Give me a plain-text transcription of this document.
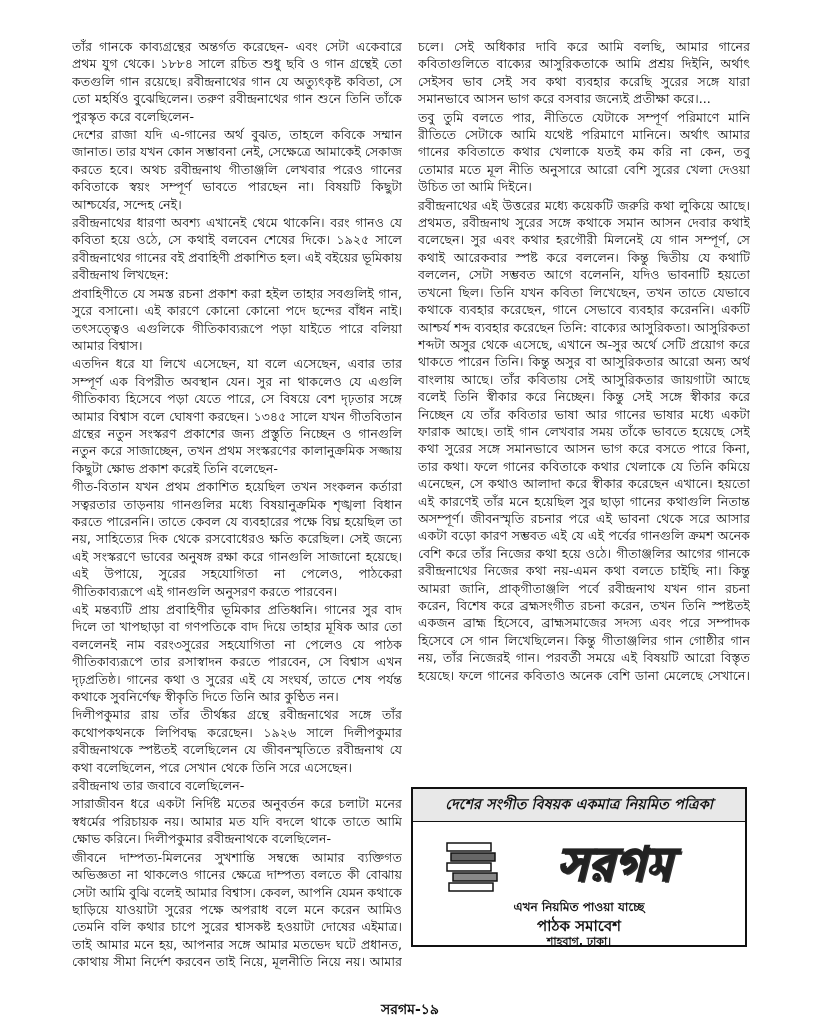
তাঁর গানকে কাব্যগ্রন্থের অন্তর্গত করেছেন- এবং সেটা একেবারে প্রথম যুগ থেকে। ১৮৮৪ সালে রচিত শুধু ছবি ও গান গ্রন্থেই তো কতগুলি গান রয়েছে। রবীন্দ্রনাথের গান যে অত্যুৎকৃষ্ট কবিতা, সে তো মহর্ষিও বুঝেছিলেন। তরুণ রবীন্দ্রনাথের গান শুনে তিনি তাঁকে পুরস্কৃত করে বলেছিলেন-

দেশের রাজা যদি এ-গানের অর্থ বুঝত, তাহলে কবিকে সম্মান জানাত। তার যখন কোন সম্ভাবনা নেই, সেক্ষেত্রে আমাকেই সেকাজ করতে হবে। অথচ রবীন্দ্রনাথ গীতাঞ্জলি লেখবার পরেও গানের কবিতাকে স্বয়ং সম্পূর্ণ ভাবতে পারছেন না। বিষয়টি কিছুটা আশ্চর্যের, সন্দেহ নেই।

রবীন্দ্রনাথের ধারণা অবশ্য এখানেই থেমে থাকেনি। বরং গানও যে কবিতা হয়ে ওঠে, সে কথাই বলবেন শেষের দিকে। ১৯২৫ সালে রবীন্দ্রনাথের গানের বই প্রবাহিণী প্রকাশিত হল। এই বইয়ের ভূমিকায় রবীন্দ্রনাথ লিখছেন:

প্রবাহিণীতে যে সমস্ত রচনা প্রকাশ করা হইল তাহার সবগুলিই গান, সুরে বসানো। এই কারণে কোনো কোনো পদে ছন্দের বাঁধন নাই। তৎসত্ত্বেও এগুলিকে গীতিকাব্যরূপে পড়া যাইতে পারে বলিয়া আমার বিশ্বাস।

এতদিন ধরে যা লিখে এসেছেন, যা বলে এসেছেন, এবার তার সম্পূর্ণ এক বিপরীত অবস্থান যেন। সুর না থাকলেও যে এগুলি গীতিকাব্য হিসেবে পড়া যেতে পারে, সে বিষয়ে বেশ দৃঢ়তার সঙ্গে আমার বিশ্বাস বলে ঘোষণা করছেন। ১৩৪৫ সালে যখন গীতবিতান গ্রন্থের নতুন সংস্করণ প্রকাশের জন্য প্রস্তুতি নিচ্ছেন ও গানগুলি নতুন করে সাজাচ্ছেন, তখন প্রথম সংস্করণের কালানুক্রমিক সজ্জায় কিছুটা ক্ষোভ প্রকাশ করেই তিনি বলেছেন-

গীত-বিতান যখন প্রথম প্রকাশিত হয়েছিল তখন সংকলন কর্তারা সত্বরতার তাড়নায় গানগুলির মধ্যে বিষয়ানুক্রমিক শৃঙ্খলা বিধান করতে পারেননি। তাতে কেবল যে ব্যবহারের পক্ষে বিঘ্ন হয়েছিল তা নয়, সাহিত্যের দিক থেকে রসবোধেরও ক্ষতি করেছিল। সেই জন্যে এই সংস্করণে ভাবের অনুষঙ্গ রক্ষা করে গানগুলি সাজানো হয়েছে। এই উপায়ে, সুরের সহযোগিতা না পেলেও, পাঠকেরা গীতিকাব্যরূপে এই গানগুলি অনুসরণ করতে পারবেন।

এই মন্তব্যটি প্রায় প্রবাহিণীর ভূমিকার প্রতিধ্বনি। গানের সুর বাদ দিলে তা খাপছাড়া বা গণপতিকে বাদ দিয়ে তাহার মূষিক আর তো বললেনই নাম বরং৩সুরের সহযোগিতা না পেলেও যে পাঠক গীতিকাব্যরূপে তার রসাস্বাদন করতে পারবেন, সে বিশ্বাস এখন দৃঢ়প্রতিষ্ঠ। গানের কথা ও সুরের এই যে সংঘর্ষ, তাতে শেষ পর্যন্ত কথাকে সুবনির্ণেষ্ফ স্বীকৃতি দিতে তিনি আর কুণ্ঠিত নন।

দিলীপকুমার রায় তাঁর তীর্থঙ্কর গ্রন্থে রবীন্দ্রনাথের সঙ্গে তাঁর কথোপকথনকে লিপিবদ্ধ করেছেন। ১৯২৬ সালে দিলীপকুমার রবীন্দ্রনাথকে স্পষ্টতই বলেছিলেন যে জীবনস্মৃতিতে রবীন্দ্রনাথ যে কথা বলেছিলেন, পরে সেখান থেকে তিনি সরে এসেছেন।

রবীন্দ্রনাথ তার জবাবে বলেছিলেন-

সারাজীবন ধরে একটা নির্দিষ্ট মতের অনুবর্তন করে চলাটা মনের স্বধর্মের পরিচায়ক নয়। আমার মত যদি বদলে থাকে তাতে আমি ক্ষোভ করিনে। দিলীপকুমার রবীন্দ্রনাথকে বলেছিলেন-

জীবনে দাম্পত্য-মিলনের সুখশান্তি সম্বন্ধে আমার ব্যক্তিগত অভিজ্ঞতা না থাকলেও গানের ক্ষেত্রে দাম্পত্য বলতে কী বোঝায় সেটা আমি বুঝি বলেই আমার বিশ্বাস। কেবল, আপনি যেমন কথাকে ছাড়িয়ে যাওয়াটা সুরের পক্ষে অপরাধ বলে মনে করেন আমিও তেমনি বলি কথার চাপে সুরের শ্বাসকষ্ট হওয়াটা দোষের এইমাত্র। তাই আমার মনে হয়, আপনার সঙ্গে আমার মতভেদ ঘটে প্রধানত, কোথায় সীমা নির্দেশ করবেন তাই নিয়ে, মূলনীতি নিয়ে নয়। আমার

চলে। সেই অধিকার দাবি করে আমি বলছি, আমার গানের কবিতাগুলিতে বাক্যের আসুরিকতাকে আমি প্রশ্রয় দিইনি, অর্থাৎ সেইসব ভাব সেই সব কথা ব্যবহার করেছি সুরের সঙ্গে যারা সমানভাবে আসন ভাগ করে বসবার জন্যেই প্রতীক্ষা করে।...

তবু তুমি বলতে পার, নীতিতে যেটাকে সম্পূর্ণ পরিমাণে মানি রীতিতে সেটাকে আমি যথেষ্ট পরিমাণে মানিনে। অর্থাৎ আমার গানের কবিতাতে কথার খেলাকে যতই কম করি না কেন, তবু তোমার মতে মূল নীতি অনুসারে আরো বেশি সুরের খেলা দেওয়া উচিত তা আমি দিইনে।

রবীন্দ্রনাথের এই উত্তরের মধ্যে কয়েকটি জরুরি কথা লুকিয়ে আছে। প্রথমত, রবীন্দ্রনাথ সুরের সঙ্গে কথাকে সমান আসন দেবার কথাই বলেছেন। সুর এবং কথার হরগৌরী মিলনেই যে গান সম্পূর্ণ, সে কথাই আরেকবার স্পষ্ট করে বললেন। কিন্তু দ্বিতীয় যে কথাটি বললেন, সেটা সম্ভবত আগে বলেননি, যদিও ভাবনাটি হয়তো তখনো ছিল। তিনি যখন কবিতা লিখেছেন, তখন তাতে যেভাবে কথাকে ব্যবহার করেছেন, গানে সেভাবে ব্যবহার করেননি। একটি আশ্চর্য শব্দ ব্যবহার করেছেন তিনি: বাক্যের আসুরিকতা। আসুরিকতা শব্দটা অসুর থেকে এসেছে, এখানে অ-সুর অর্থে সেটি প্রয়োগ করে থাকতে পারেন তিনি। কিন্তু অসুর বা আসুরিকতার আরো অন্য অর্থ বাংলায় আছে। তাঁর কবিতায় সেই আসুরিকতার জায়গাটা আছে বলেই তিনি স্বীকার করে নিচ্ছেন। কিন্তু সেই সঙ্গে স্বীকার করে নিচ্ছেন যে তাঁর কবিতার ভাষা আর গানের ভাষার মধ্যে একটা ফারাক আছে। তাই গান লেখবার সময় তাঁকে ভাবতে হয়েছে সেই কথা সুরের সঙ্গে সমানভাবে আসন ভাগ করে বসতে পারে কিনা, তার কথা। ফলে গানের কবিতাকে কথার খেলাকে যে তিনি কমিয়ে এনেছেন, সে কথাও আলাদা করে স্বীকার করেছেন এখানে। হয়তো এই কারণেই তাঁর মনে হয়েছিল সুর ছাড়া গানের কথাগুলি নিতান্ত অসম্পূর্ণ। জীবনস্মৃতি রচনার পরে এই ভাবনা থেকে সরে আসার একটা বড়ো কারণ সম্ভবত এই যে এই পর্বের গানগুলি ক্রমশ অনেক বেশি করে তাঁর নিজের কথা হয়ে ওঠে। গীতাঞ্জলির আগের গানকে রবীন্দ্রনাথের নিজের কথা নয়-এমন কথা বলতে চাইছি না। কিন্তু আমরা জানি, প্রাক্‌গীতাঞ্জলি পর্বে রবীন্দ্রনাথ যখন গান রচনা করেন, বিশেষ করে ব্রহ্মসংগীত রচনা করেন, তখন তিনি স্পষ্টতই একজন ব্রাহ্ম হিসেবে, ব্রাহ্মসমাজের সদস্য এবং পরে সম্পাদক হিসেবে সে গান লিখেছিলেন। কিন্তু গীতাঞ্জলির গান গোষ্ঠীর গান নয়, তাঁর নিজেরই গান। পরবর্তী সময়ে এই বিষয়টি আরো বিস্তৃত হয়েছে। ফলে গানের কবিতাও অনেক বেশি ডানা মেলেছে সেখানে।

দেশের সংগীত বিষয়ক একমাত্র নিয়মিত পত্রিকা
সরগম
এখন নিয়মিত পাওয়া যাচ্ছে
পাঠক সমাবেশ
শাহবাগ, ঢাকা।
সরগম-১৯
